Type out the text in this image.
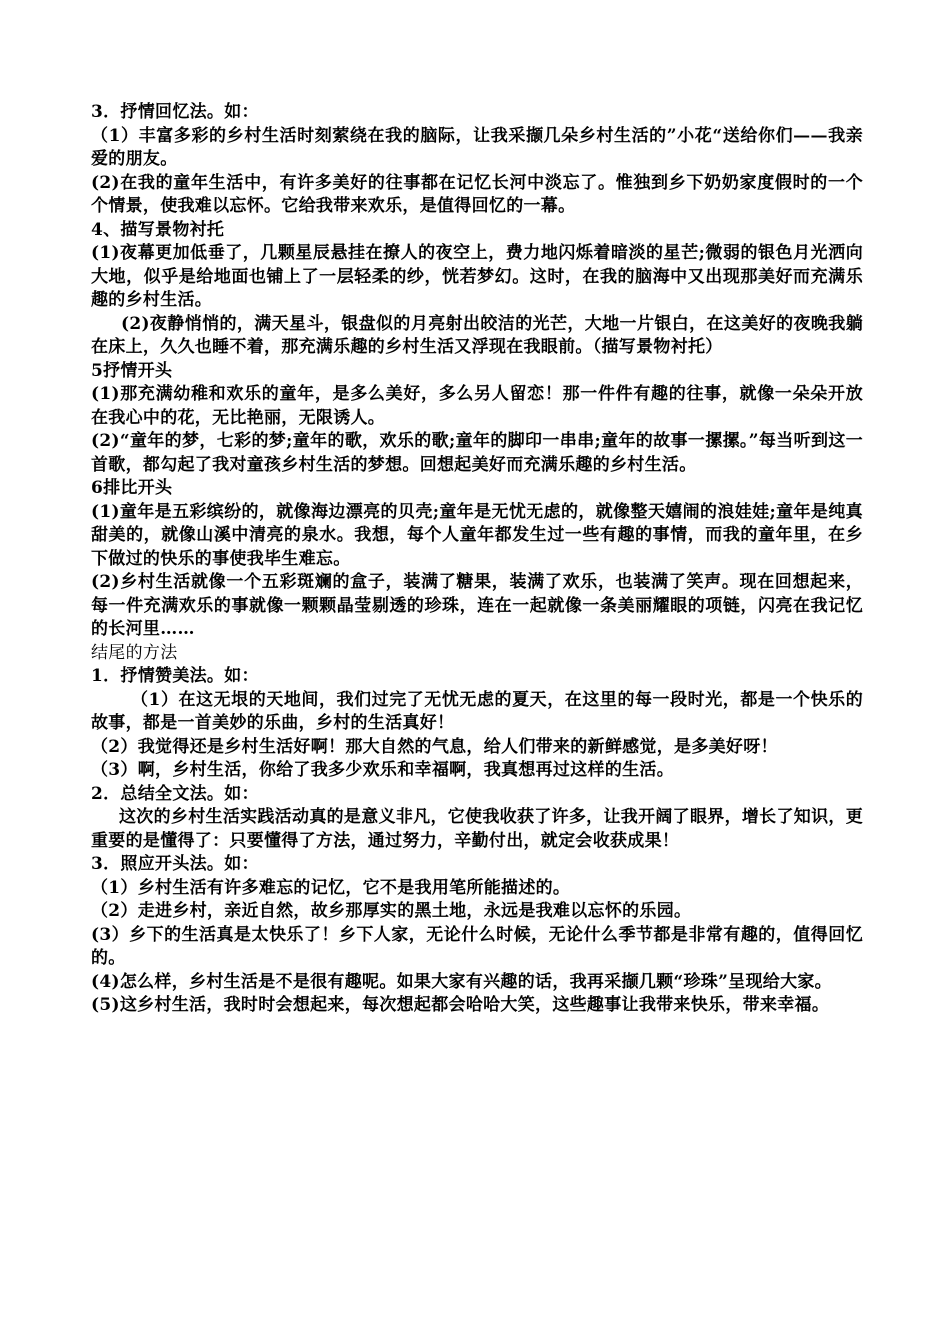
3．抒情回忆法。如：

（1）丰富多彩的乡村生活时刻萦绕在我的脑际，让我采撷几朵乡村生活的”小花“送给你们——我亲爱的朋友。

(2)在我的童年生活中，有许多美好的往事都在记忆长河中淡忘了。惟独到乡下奶奶家度假时的一个个情景，使我难以忘怀。它给我带来欢乐，是值得回忆的一幕。

4、描写景物衬托

(1)夜幕更加低垂了，几颗星辰悬挂在撩人的夜空上，费力地闪烁着暗淡的星芒;微弱的银色月光洒向大地，似乎是给地面也铺上了一层轻柔的纱，恍若梦幻。这时，在我的脑海中又出现那美好而充满乐趣的乡村生活。

(2)夜静悄悄的，满天星斗，银盘似的月亮射出皎洁的光芒，大地一片银白，在这美好的夜晚我躺在床上，久久也睡不着，那充满乐趣的乡村生活又浮现在我眼前。（描写景物衬托）

5抒情开头

(1)那充满幼稚和欢乐的童年，是多么美好，多么另人留恋！那一件件有趣的往事，就像一朵朵开放在我心中的花，无比艳丽，无限诱人。

(2)“童年的梦，七彩的梦;童年的歌，欢乐的歌;童年的脚印一串串;童年的故事一摞摞。”每当听到这一首歌，都勾起了我对童孩乡村生活的梦想。回想起美好而充满乐趣的乡村生活。

6排比开头

(1)童年是五彩缤纷的，就像海边漂亮的贝壳;童年是无忧无虑的，就像整天嬉闹的浪娃娃;童年是纯真甜美的，就像山溪中清亮的泉水。我想，每个人童年都发生过一些有趣的事情，而我的童年里，在乡下做过的快乐的事使我毕生难忘。

(2)乡村生活就像一个五彩斑斓的盒子，装满了糖果，装满了欢乐，也装满了笑声。现在回想起来，每一件充满欢乐的事就像一颗颗晶莹剔透的珍珠，连在一起就像一条美丽耀眼的项链，闪亮在我记忆的长河里……

结尾的方法

1．抒情赞美法。如：

（1）在这无垠的天地间，我们过完了无忧无虑的夏天，在这里的每一段时光，都是一个快乐的故事，都是一首美妙的乐曲，乡村的生活真好！

（2）我觉得还是乡村生活好啊！那大自然的气息，给人们带来的新鲜感觉，是多美好呀！

（3）啊，乡村生活，你给了我多少欢乐和幸福啊，我真想再过这样的生活。

2．总结全文法。如：

这次的乡村生活实践活动真的是意义非凡，它使我收获了许多，让我开阔了眼界，增长了知识，更重要的是懂得了：只要懂得了方法，通过努力，辛勤付出，就定会收获成果！

3．照应开头法。如：

（1）乡村生活有许多难忘的记忆，它不是我用笔所能描述的。

（2）走进乡村，亲近自然，故乡那厚实的黑土地，永远是我难以忘怀的乐园。

(3）乡下的生活真是太快乐了！乡下人家，无论什么时候，无论什么季节都是非常有趣的，值得回忆的。

(4)怎么样，乡村生活是不是很有趣呢。如果大家有兴趣的话，我再采撷几颗“珍珠”呈现给大家。

(5)这乡村生活，我时时会想起来，每次想起都会哈哈大笑，这些趣事让我带来快乐，带来幸福。
